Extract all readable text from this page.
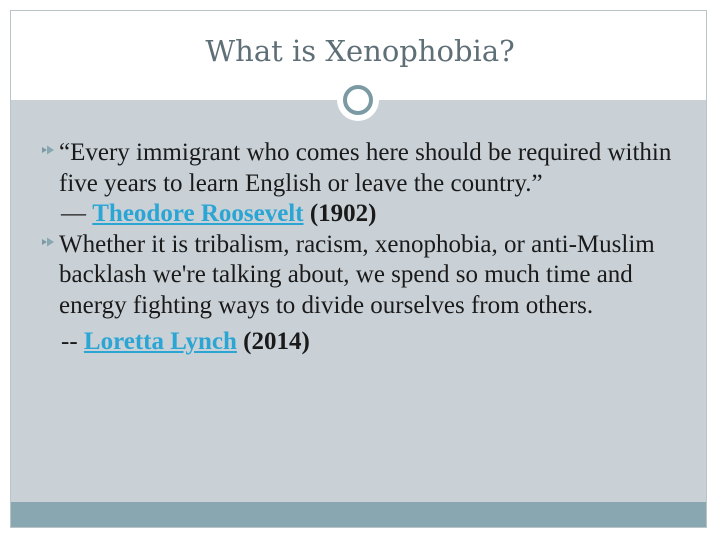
What is Xenophobia?
“Every immigrant who comes here should be required within five years to learn English or leave the country.”
— Theodore Roosevelt (1902)
Whether it is tribalism, racism, xenophobia, or anti-Muslim backlash we're talking about, we spend so much time and energy fighting ways to divide ourselves from others.
-- Loretta Lynch (2014)
